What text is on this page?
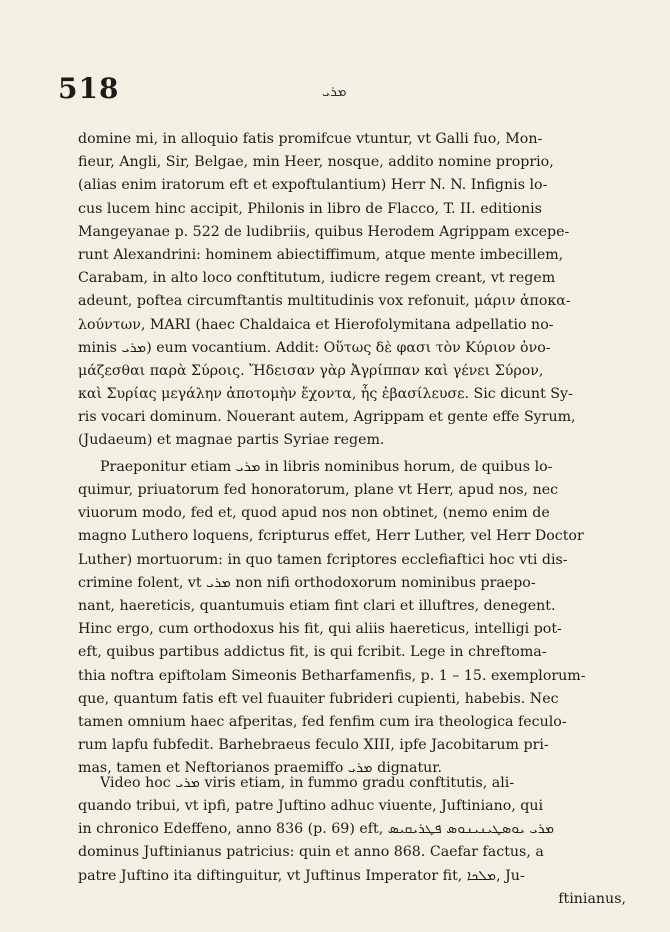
518	ܡܪܝ
domine mi, in alloquio fatis promifcue vtuntur, vt Galli fuo, Mon-
fieur, Angli, Sir, Belgae, min Heer, nosque, addito nomine proprio,
(alias enim iratorum eft et expoftulantium) Herr N. N. Infignis lo-
cus lucem hinc accipit, Philonis in libro de Flacco, T. II. editionis
Mangeyanae p. 522 de ludibriis, quibus Herodem Agrippam excepe-
runt Alexandrini: hominem abiectiffimum, atque mente imbecillem,
Carabam, in alto loco conftitutum, iudicre regem creant, vt regem
adeunt, poftea circumftantis multitudinis vox refonuit, μάριν ἀποκα-
λούντων, MARI (haec Chaldaica et Hierofolymitana adpellatio no-
minis ܡܪܝ) eum vocantium. Addit: Οὕτως δὲ φασι τὸν Κύριον ὀνο-
μάζεσθαι παρὰ Σύροις. Ἤδεισαν γὰρ Ἀγρίππαν καὶ γένει Σύρον,
καὶ Συρίας μεγάλην ἀποτομὴν ἔχοντα, ἧς ἐβασίλευσε. Sic dicunt Sy-
ris vocari dominum. Nouerant autem, Agrippam et gente effe Syrum,
(Judaeum) et magnae partis Syriae regem.
Praeponitur etiam ܡܪܝ in libris nominibus horum, de quibus lo-
quimur, priuatorum fed honoratorum, plane vt Herr, apud nos, nec
viuorum modo, fed et, quod apud nos non obtinet, (nemo enim de
magno Luthero loquens, fcripturus effet, Herr Luther, vel Herr Doctor
Luther) mortuorum: in quo tamen fcriptores ecclefiaftici hoc vti dis-
crimine folent, vt ܡܪܝ non nifi orthodoxorum nominibus praepo-
nant, haereticis, quantumuis etiam fint clari et illuftres, denegent.
Hinc ergo, cum orthodoxus his fit, qui aliis haereticus, intelligi pot-
eft, quibus partibus addictus fit, is qui fcribit. Lege in chreftoma-
thia noftra epiftolam Simeonis Betharfamenfis, p. 1 – 15. exemplorum-
que, quantum fatis eft vel fuauiter fubrideri cupienti, habebis. Nec
tamen omnium haec afperitas, fed fenfim cum ira theologica feculo-
rum lapfu fubfedit. Barhebraeus feculo XIII, ipfe Jacobitarum pri-
mas, tamen et Neftorianos praemiffo ܡܪܝ dignatur.
Video hoc ܡܪܝ viris etiam, in fummo gradu conftitutis, ali-
quando tribui, vt ipfi, patre Juftino adhuc viuente, Juftiniano, qui
in chronico Edeffeno, anno 836 (p. 69) eft, ܡܪܝ ܝܘܣܛܝܢܝܢܘܣ ܦܛܪܝܩܝܣ
dominus Juftinianus patricius: quin et anno 868. Caefar factus, a
patre Juftino ita diftinguitur, vt Juftinus Imperator fit, ܡܠܟܐ, Ju-
ftinianus,
